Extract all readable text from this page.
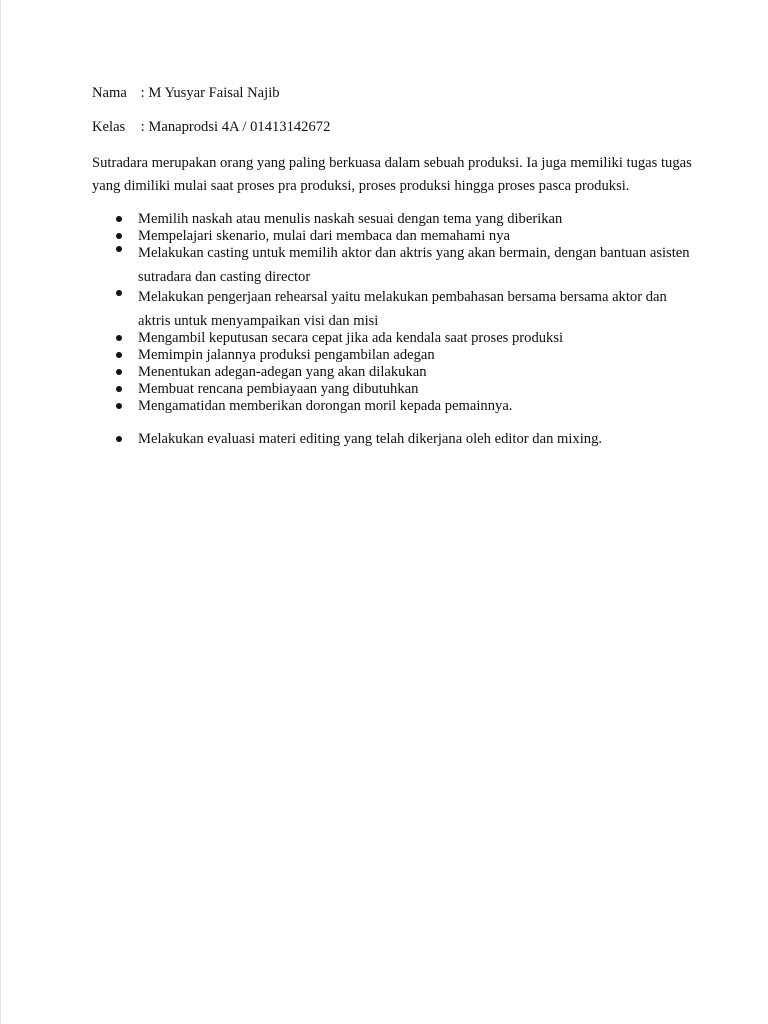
Nama : M Yusyar Faisal Najib

Kelas : Manaprodsi 4A / 01413142672

Sutradara merupakan orang yang paling berkuasa dalam sebuah produksi. Ia juga memiliki tugas tugas yang dimiliki mulai saat proses pra produksi, proses produksi hingga proses pasca produksi.

Memilih naskah atau menulis naskah sesuai dengan tema yang diberikan
Mempelajari skenario, mulai dari membaca dan memahami nya
Melakukan casting untuk memilih aktor dan aktris yang akan bermain, dengan bantuan asisten sutradara dan casting director
Melakukan pengerjaan rehearsal yaitu melakukan pembahasan bersama bersama aktor dan aktris untuk menyampaikan visi dan misi
Mengambil keputusan secara cepat jika ada kendala saat proses produksi
Memimpin jalannya produksi pengambilan adegan
Menentukan adegan-adegan yang akan dilakukan
Membuat rencana pembiayaan yang dibutuhkan
Mengamatidan memberikan dorongan moril kepada pemainnya.
Melakukan evaluasi materi editing yang telah dikerjana oleh editor dan mixing.
